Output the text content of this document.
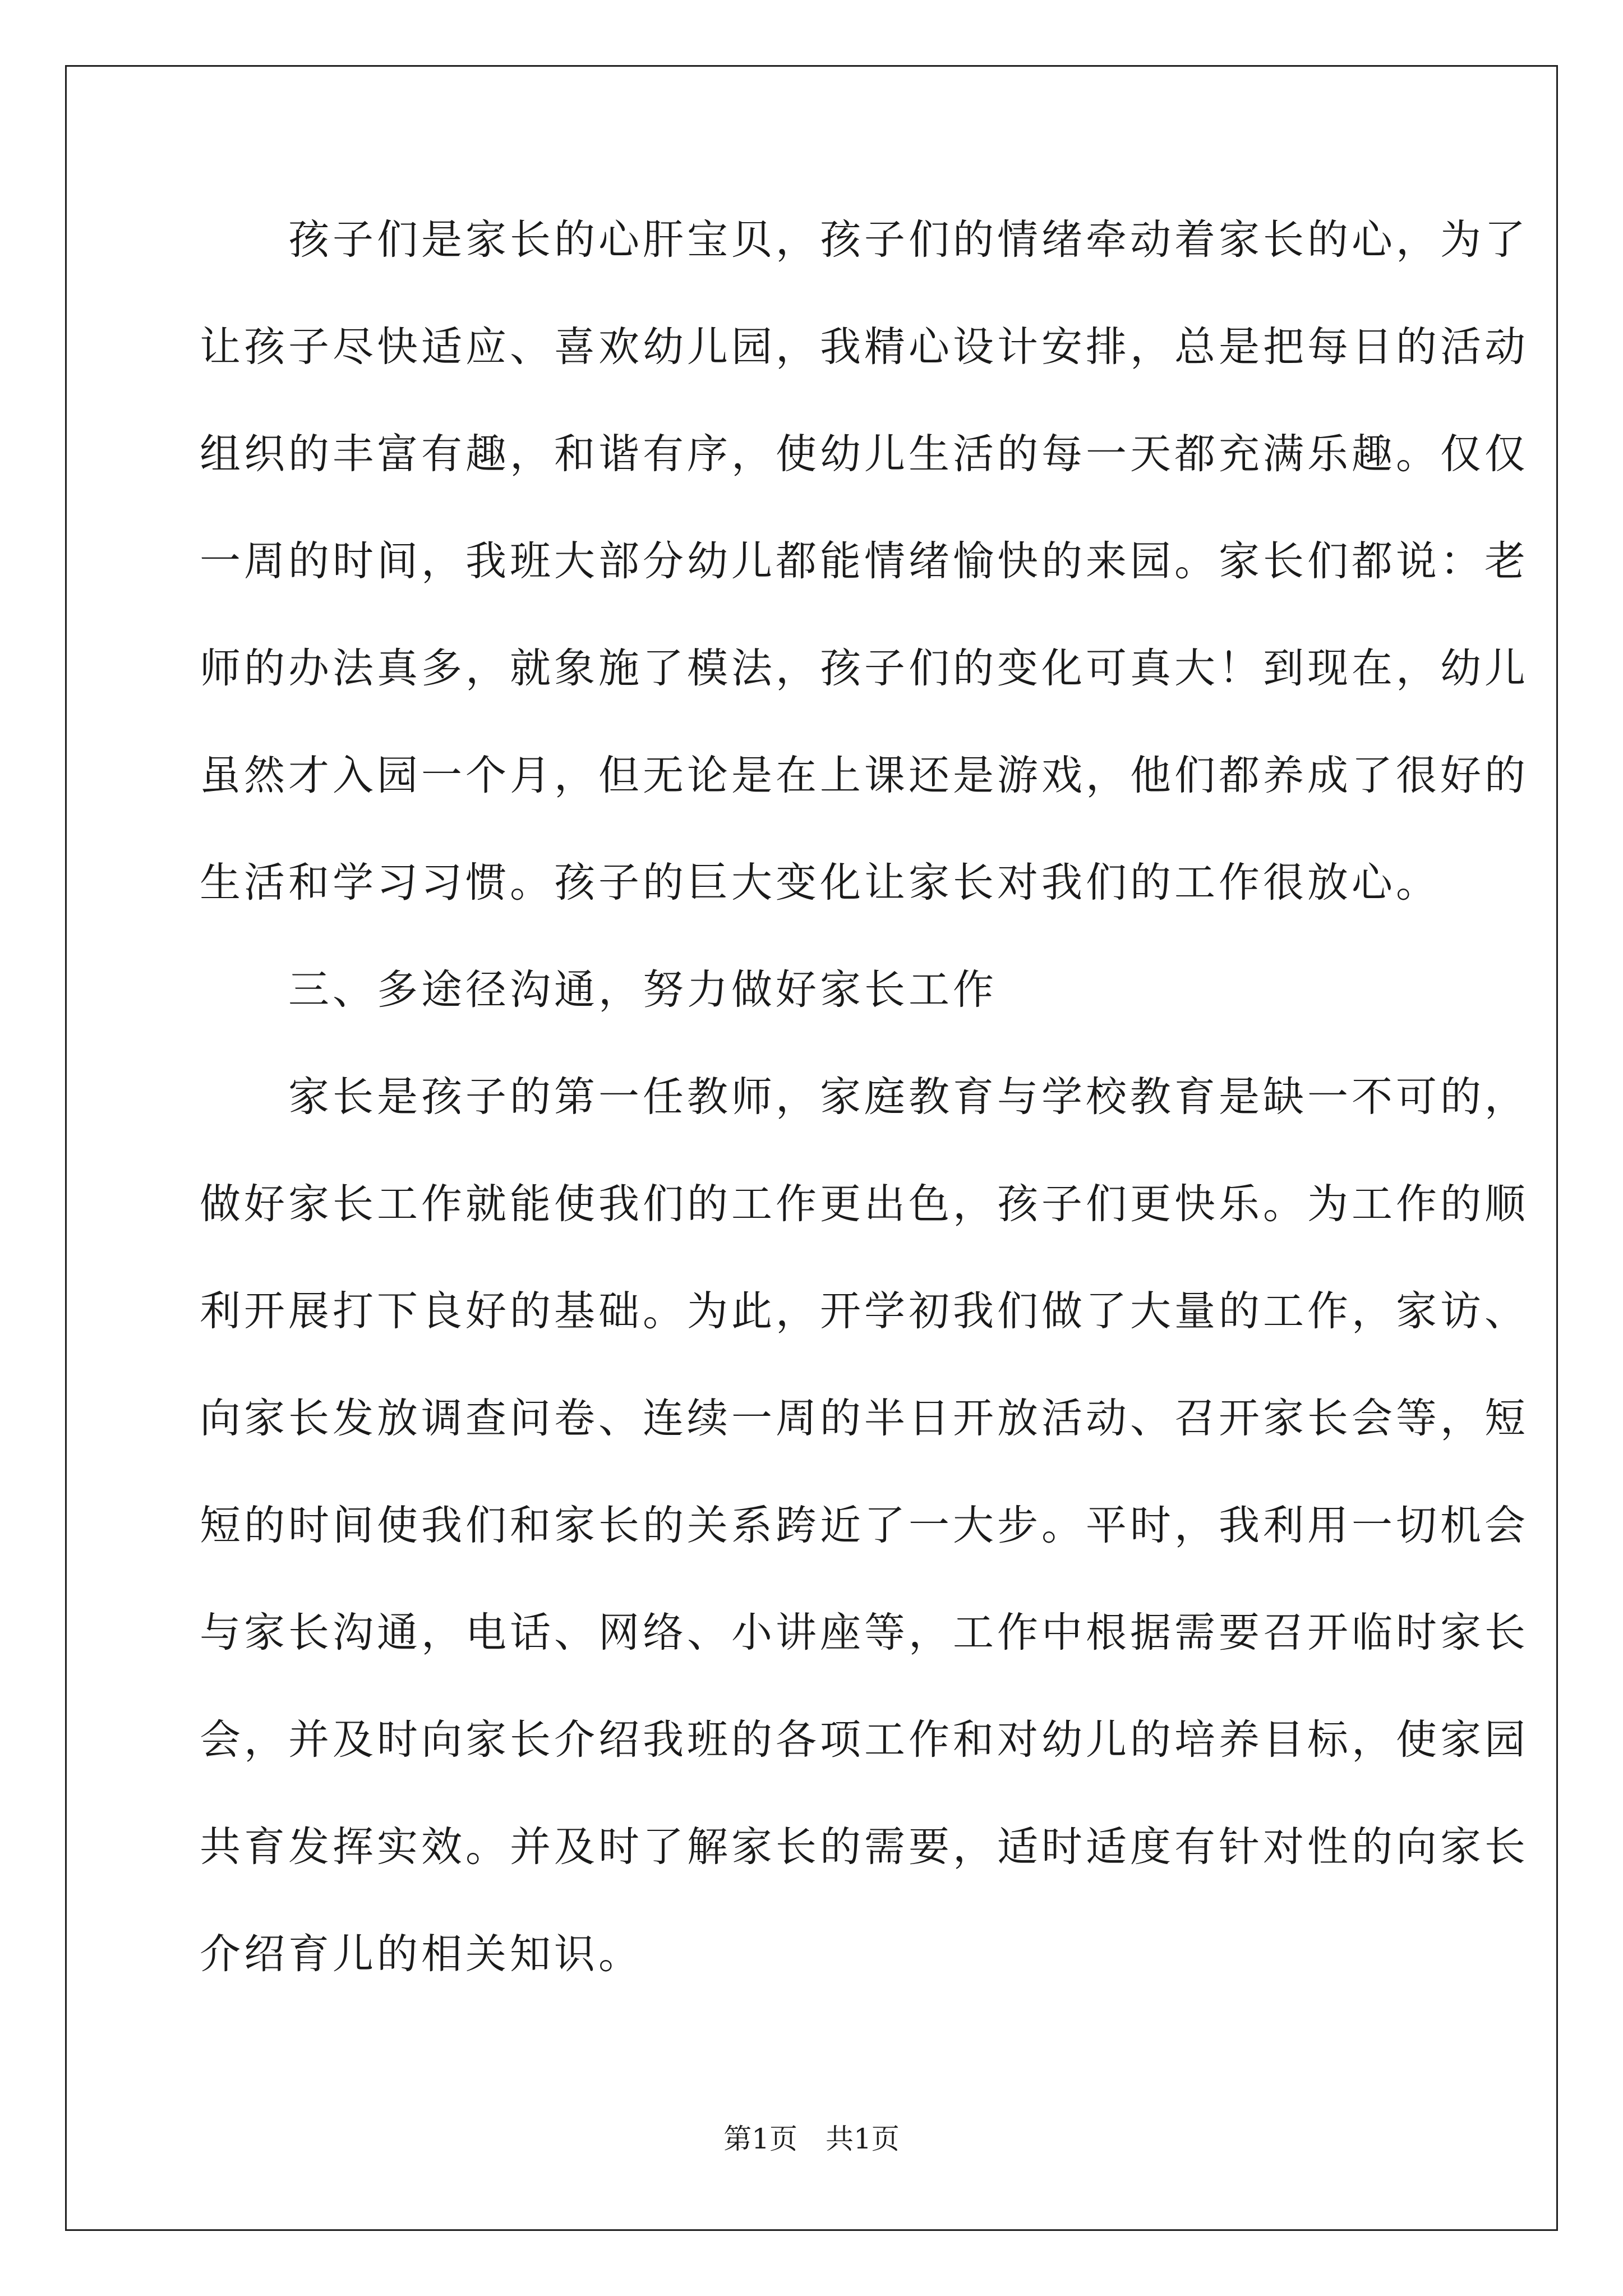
　　孩子们是家长的心肝宝贝，孩子们的情绪牵动着家长的心，为了
让孩子尽快适应、喜欢幼儿园，我精心设计安排，总是把每日的活动
组织的丰富有趣，和谐有序，使幼儿生活的每一天都充满乐趣。仅仅
一周的时间，我班大部分幼儿都能情绪愉快的来园。家长们都说：老
师的办法真多，就象施了模法，孩子们的变化可真大！到现在，幼儿
虽然才入园一个月，但无论是在上课还是游戏，他们都养成了很好的
生活和学习习惯。孩子的巨大变化让家长对我们的工作很放心。
　　三、多途径沟通，努力做好家长工作
　　家长是孩子的第一任教师，家庭教育与学校教育是缺一不可的，
做好家长工作就能使我们的工作更出色，孩子们更快乐。为工作的顺
利开展打下良好的基础。为此，开学初我们做了大量的工作，家访、
向家长发放调查问卷、连续一周的半日开放活动、召开家长会等，短
短的时间使我们和家长的关系跨近了一大步。平时，我利用一切机会
与家长沟通，电话、网络、小讲座等，工作中根据需要召开临时家长
会，并及时向家长介绍我班的各项工作和对幼儿的培养目标，使家园
共育发挥实效。并及时了解家长的需要，适时适度有针对性的向家长
介绍育儿的相关知识。
第1页　共1页
